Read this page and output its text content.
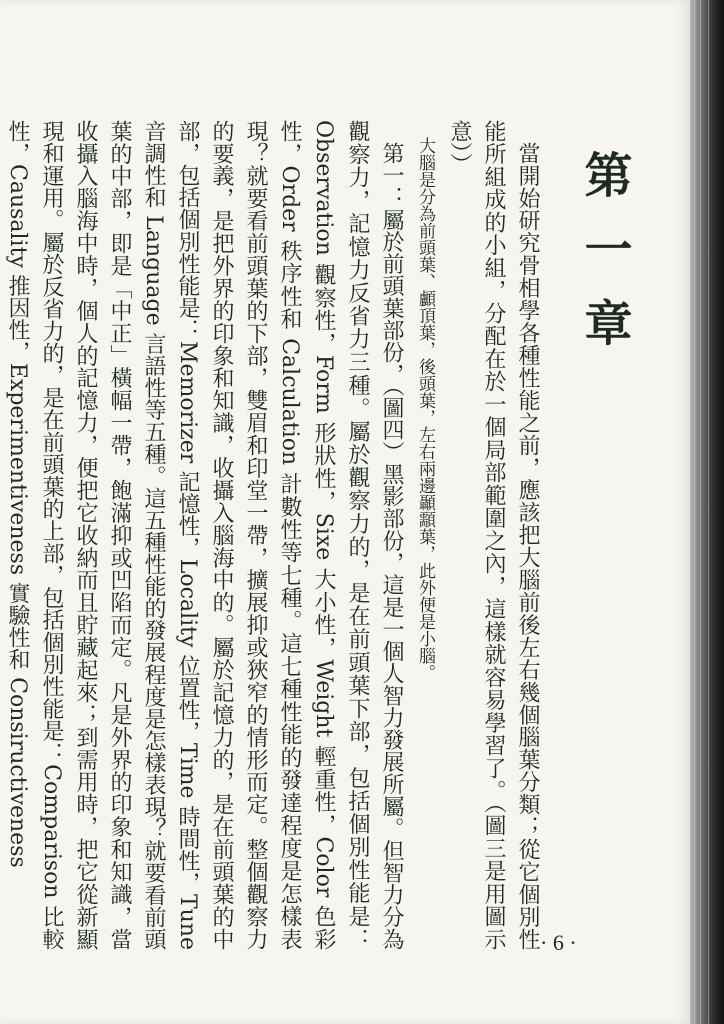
第一章

當開始研究骨相學各種性能之前，應該把大腦前後左右幾個腦葉分類；從它個別性能所組成的小組，分配在於一個局部範圍之內，這樣就容易學習了。（圖三是用圖示意））

大腦是分為前頭葉、顱頂葉，後頭葉，左右兩邊顳顬葉，此外便是小腦。

第一：屬於前頭葉部份，（圖四）黑影部份，這是一個人智力發展所屬。但智力分為觀察力，記憶力反省力三種。屬於觀察力的，是在前頭葉下部，包括個別性能是：Observation 觀察性，Form 形狀性，Sixe 大小性，Weight 輕重性，Color 色彩性，Order 秩序性和 Calculation 計數性等七種。這七種性能的發達程度是怎樣表現？就要看前頭葉的下部，雙眉和印堂一帶，擴展抑或狹窄的情形而定。整個觀察力的要義，是把外界的印象和知識，收攝入腦海中的。屬於記憶力的，是在前頭葉的中部，包括個別性能是：Memorizer 記憶性，Locality 位置性，Time 時間性，Tune 音調性和 Language 言語性等五種。這五種性能的發展程度是怎樣表現？就要看前頭葉的中部，即是「中正」橫幅一帶，飽滿抑或凹陷而定。凡是外界的印象和知識，當收攝入腦海中時，個人的記憶力，便把它收納而且貯藏起來；到需用時，把它從新顯現和運用。屬於反省力的，是在前頭葉的上部，包括個別性能是：Comparison 比較性，Causality 推因性，Experimentiveness 實驗性和 Consiructiveness

· 6 ·
